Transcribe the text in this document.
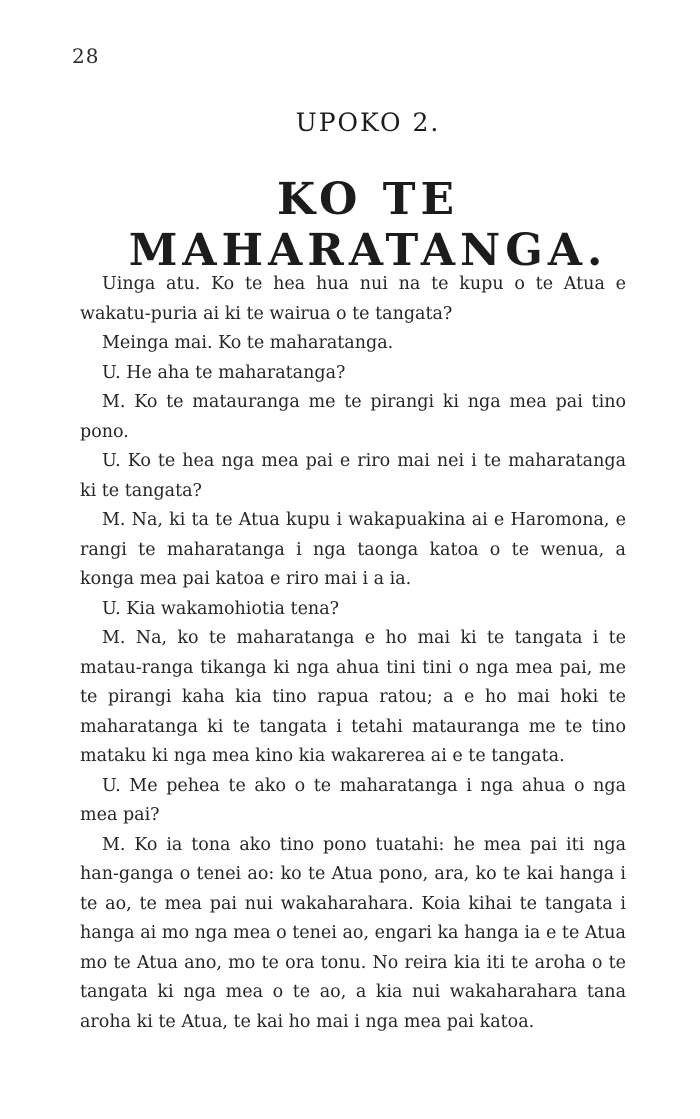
28
UPOKO 2.
KO TE MAHARATANGA.

Uinga atu. Ko te hea hua nui na te kupu o te Atua e wakatu-puria ai ki te wairua o te tangata?

Meinga mai. Ko te maharatanga.

U. He aha te maharatanga?

M. Ko te matauranga me te pirangi ki nga mea pai tino pono.

U. Ko te hea nga mea pai e riro mai nei i te maharatanga ki te tangata?

M. Na, ki ta te Atua kupu i wakapuakina ai e Haromona, e rangi te maharatanga i nga taonga katoa o te wenua, a konga mea pai katoa e riro mai i a ia.

U. Kia wakamohiotia tena?

M. Na, ko te maharatanga e ho mai ki te tangata i te matau-ranga tikanga ki nga ahua tini tini o nga mea pai, me te pirangi kaha kia tino rapua ratou; a e ho mai hoki te maharatanga ki te tangata i tetahi matauranga me te tino mataku ki nga mea kino kia wakarerea ai e te tangata.

U. Me pehea te ako o te maharatanga i nga ahua o nga mea pai?

M. Ko ia tona ako tino pono tuatahi: he mea pai iti nga han-ganga o tenei ao: ko te Atua pono, ara, ko te kai hanga i te ao, te mea pai nui wakaharahara. Koia kihai te tangata i hanga ai mo nga mea o tenei ao, engari ka hanga ia e te Atua mo te Atua ano, mo te ora tonu. No reira kia iti te aroha o te tangata ki nga mea o te ao, a kia nui wakaharahara tana aroha ki te Atua, te kai ho mai i nga mea pai katoa.
